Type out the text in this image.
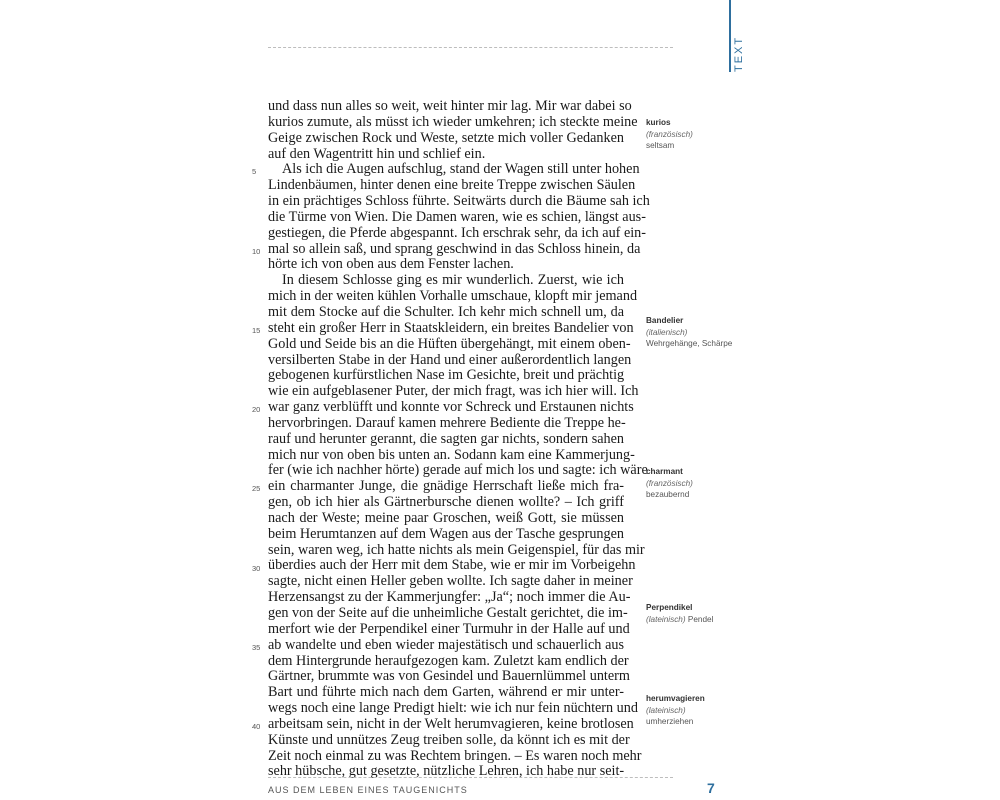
TEXT
und dass nun alles so weit, weit hinter mir lag. Mir war dabei so
kurios zumute, als müsst ich wieder umkehren; ich steckte meine
Geige zwischen Rock und Weste, setzte mich voller Gedanken
auf den Wagentritt hin und schlief ein.
Als ich die Augen aufschlug, stand der Wagen still unter hohen
Lindenbäumen, hinter denen eine breite Treppe zwischen Säulen
in ein prächtiges Schloss führte. Seitwärts durch die Bäume sah ich
die Türme von Wien. Die Damen waren, wie es schien, längst aus-
gestiegen, die Pferde abgespannt. Ich erschrak sehr, da ich auf ein-
mal so allein saß, und sprang geschwind in das Schloss hinein, da
hörte ich von oben aus dem Fenster lachen.
In diesem Schlosse ging es mir wunderlich. Zuerst, wie ich
mich in der weiten kühlen Vorhalle umschaue, klopft mir jemand
mit dem Stocke auf die Schulter. Ich kehr mich schnell um, da
steht ein großer Herr in Staatskleidern, ein breites Bandelier von
Gold und Seide bis an die Hüften übergehängt, mit einem oben-
versilberten Stabe in der Hand und einer außerordentlich langen
gebogenen kurfürstlichen Nase im Gesichte, breit und prächtig
wie ein aufgeblasener Puter, der mich fragt, was ich hier will. Ich
war ganz verblüfft und konnte vor Schreck und Erstaunen nichts
hervorbringen. Darauf kamen mehrere Bediente die Treppe he-
rauf und herunter gerannt, die sagten gar nichts, sondern sahen
mich nur von oben bis unten an. Sodann kam eine Kammerjung-
fer (wie ich nachher hörte) gerade auf mich los und sagte: ich wäre
ein charmanter Junge, die gnädige Herrschaft ließe mich fra-
gen, ob ich hier als Gärtnerbursche dienen wollte? – Ich griff
nach der Weste; meine paar Groschen, weiß Gott, sie müssen
beim Herumtanzen auf dem Wagen aus der Tasche gesprungen
sein, waren weg, ich hatte nichts als mein Geigenspiel, für das mir
überdies auch der Herr mit dem Stabe, wie er mir im Vorbeigehn
sagte, nicht einen Heller geben wollte. Ich sagte daher in meiner
Herzensangst zu der Kammerjungfer: „Ja“; noch immer die Au-
gen von der Seite auf die unheimliche Gestalt gerichtet, die im-
merfort wie der Perpendikel einer Turmuhr in der Halle auf und
ab wandelte und eben wieder majestätisch und schauerlich aus
dem Hintergrunde heraufgezogen kam. Zuletzt kam endlich der
Gärtner, brummte was von Gesindel und Bauernlümmel unterm
Bart und führte mich nach dem Garten, während er mir unter-
wegs noch eine lange Predigt hielt: wie ich nur fein nüchtern und
arbeitsam sein, nicht in der Welt herumvagieren, keine brotlosen
Künste und unnützes Zeug treiben solle, da könnt ich es mit der
Zeit noch einmal zu was Rechtem bringen. – Es waren noch mehr
sehr hübsche, gut gesetzte, nützliche Lehren, ich habe nur seit-
5
10
15
20
25
30
35
40
kurios
(französisch)
seltsam
Bandelier
(italienisch)
Wehrgehänge, Schärpe
charmant
(französisch)
bezaubernd
Perpendikel
(lateinisch) Pendel
herumvagieren
(lateinisch)
umherziehen
AUS DEM LEBEN EINES TAUGENICHTS	7
